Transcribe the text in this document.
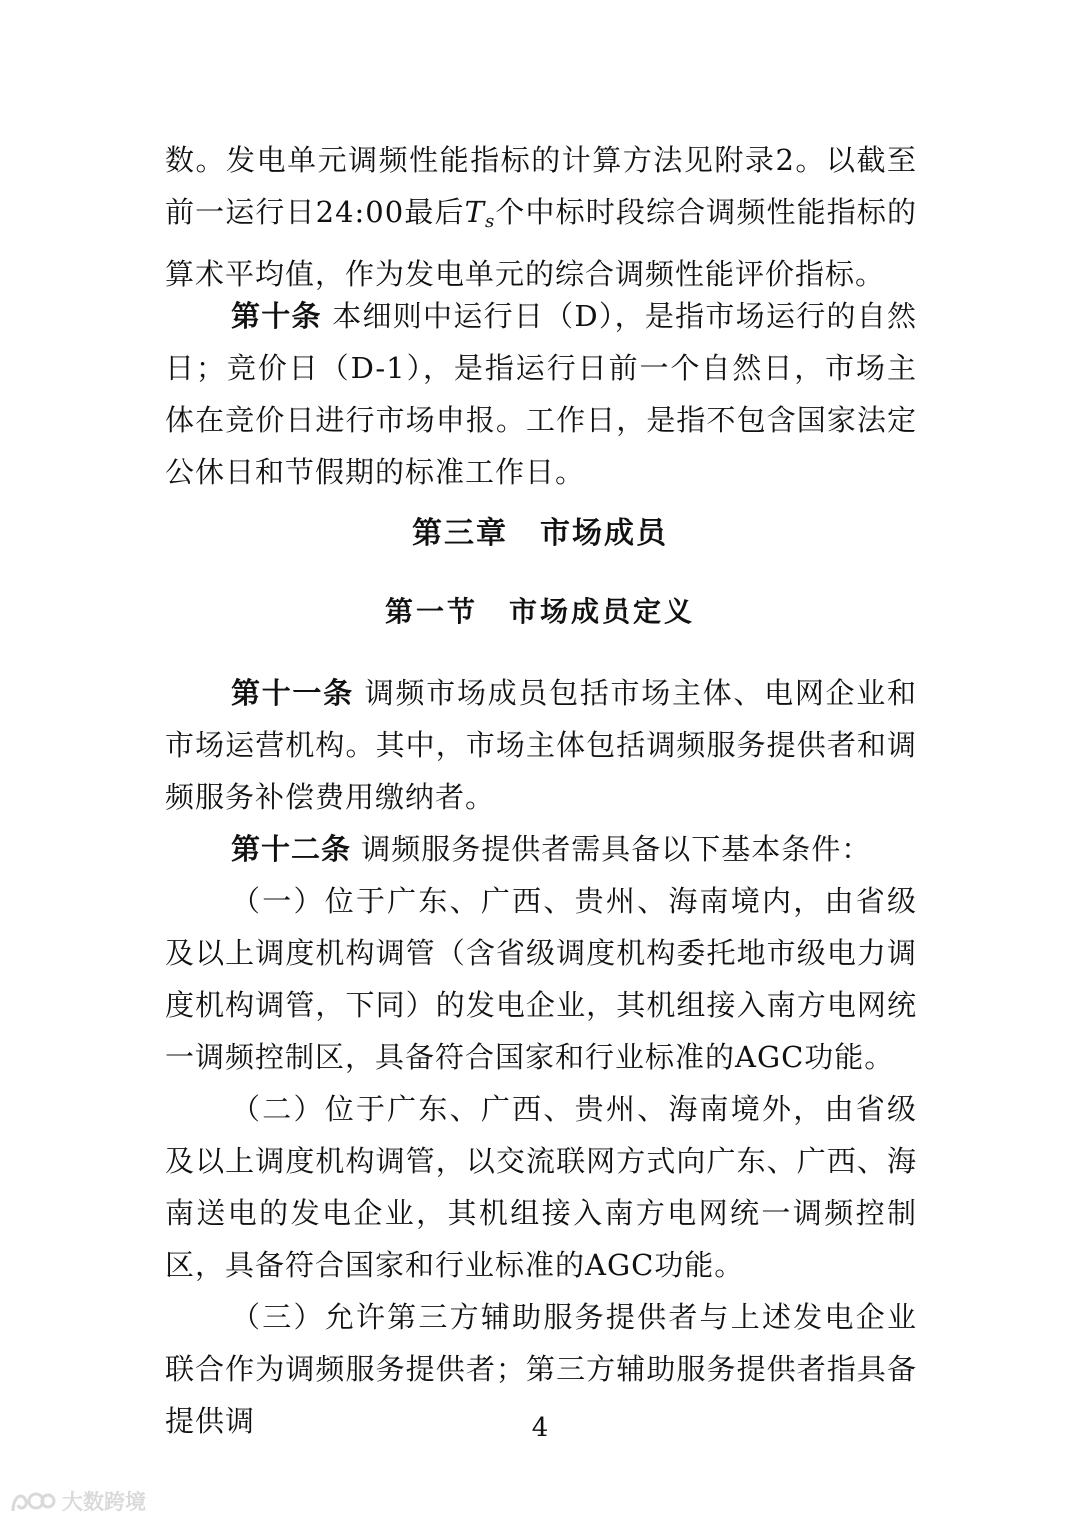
数。发电单元调频性能指标的计算方法见附录2。以截至前一运行日24:00最后$T_s$个中标时段综合调频性能指标的算术平均值，作为发电单元的综合调频性能评价指标。
第十条 本细则中运行日（D），是指市场运行的自然日；竞价日（D-1），是指运行日前一个自然日，市场主体在竞价日进行市场申报。工作日，是指不包含国家法定公休日和节假期的标准工作日。
第三章　市场成员
第一节　市场成员定义
第十一条 调频市场成员包括市场主体、电网企业和市场运营机构。其中，市场主体包括调频服务提供者和调频服务补偿费用缴纳者。
第十二条 调频服务提供者需具备以下基本条件：
（一）位于广东、广西、贵州、海南境内，由省级及以上调度机构调管（含省级调度机构委托地市级电力调度机构调管，下同）的发电企业，其机组接入南方电网统一调频控制区，具备符合国家和行业标准的AGC功能。
（二）位于广东、广西、贵州、海南境外，由省级及以上调度机构调管，以交流联网方式向广东、广西、海南送电的发电企业，其机组接入南方电网统一调频控制区，具备符合国家和行业标准的AGC功能。
（三）允许第三方辅助服务提供者与上述发电企业联合作为调频服务提供者；第三方辅助服务提供者指具备提供调	4
大数跨境
